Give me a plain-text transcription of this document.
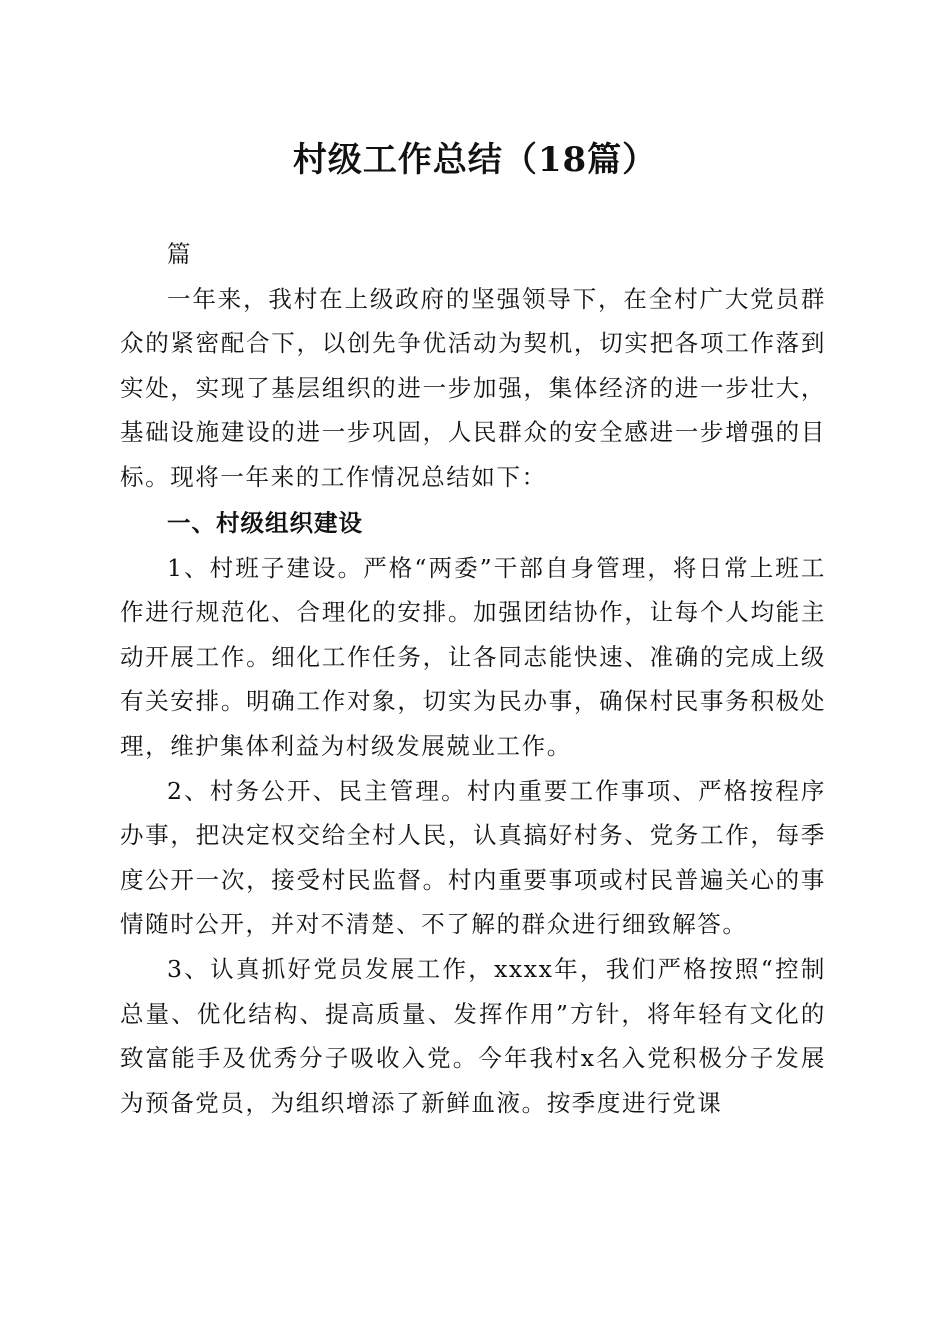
村级工作总结（18篇）

篇

一年来，我村在上级政府的坚强领导下，在全村广大党员群众的紧密配合下，以创先争优活动为契机，切实把各项工作落到实处，实现了基层组织的进一步加强，集体经济的进一步壮大，基础设施建设的进一步巩固，人民群众的安全感进一步增强的目标。现将一年来的工作情况总结如下：

一、村级组织建设

1、村班子建设。严格“两委”干部自身管理，将日常上班工作进行规范化、合理化的安排。加强团结协作，让每个人均能主动开展工作。细化工作任务，让各同志能快速、准确的完成上级有关安排。明确工作对象，切实为民办事，确保村民事务积极处理，维护集体利益为村级发展兢业工作。

2、村务公开、民主管理。村内重要工作事项、严格按程序办事，把决定权交给全村人民，认真搞好村务、党务工作，每季度公开一次，接受村民监督。村内重要事项或村民普遍关心的事情随时公开，并对不清楚、不了解的群众进行细致解答。

3、认真抓好党员发展工作，xxxx年，我们严格按照“控制总量、优化结构、提高质量、发挥作用”方针，将年轻有文化的致富能手及优秀分子吸收入党。今年我村x名入党积极分子发展为预备党员，为组织增添了新鲜血液。按季度进行党课
